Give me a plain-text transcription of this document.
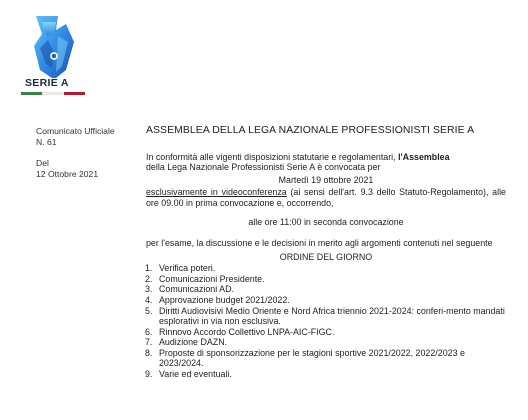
SERIE A
Comunicato Ufficiale
N. 61
Del
12 Ottobre 2021
ASSEMBLEA DELLA LEGA NAZIONALE PROFESSIONISTI SERIE A

In conformità alle vigenti disposizioni statutarie e regolamentari, l'Assemblea
della Lega Nazionale Professionisti Serie A è convocata per

Martedì 19 ottobre 2021

esclusivamente in videoconferenza (ai sensi dell'art. 9.3 dello Statuto-Regolamento), alle ore 09.00 in prima convocazione e, occorrendo,

alle ore 11:00 in seconda convocazione

per l'esame, la discussione e le decisioni in merito agli argomenti contenuti nel seguente

ORDINE DEL GIORNO
1. Verifica poteri.
2. Comunicazioni Presidente.
3. Comunicazioni AD.
4. Approvazione budget 2021/2022.
5. Diritti Audiovisivi Medio Oriente e Nord Africa triennio 2021-2024: conferi-mento mandati esplorativi in via non esclusiva.
6. Rinnovo Accordo Collettivo LNPA-AIC-FIGC.
7. Audizione DAZN.
8. Proposte di sponsorizzazione per le stagioni sportive 2021/2022, 2022/2023 e 2023/2024.
9. Varie ed eventuali.
